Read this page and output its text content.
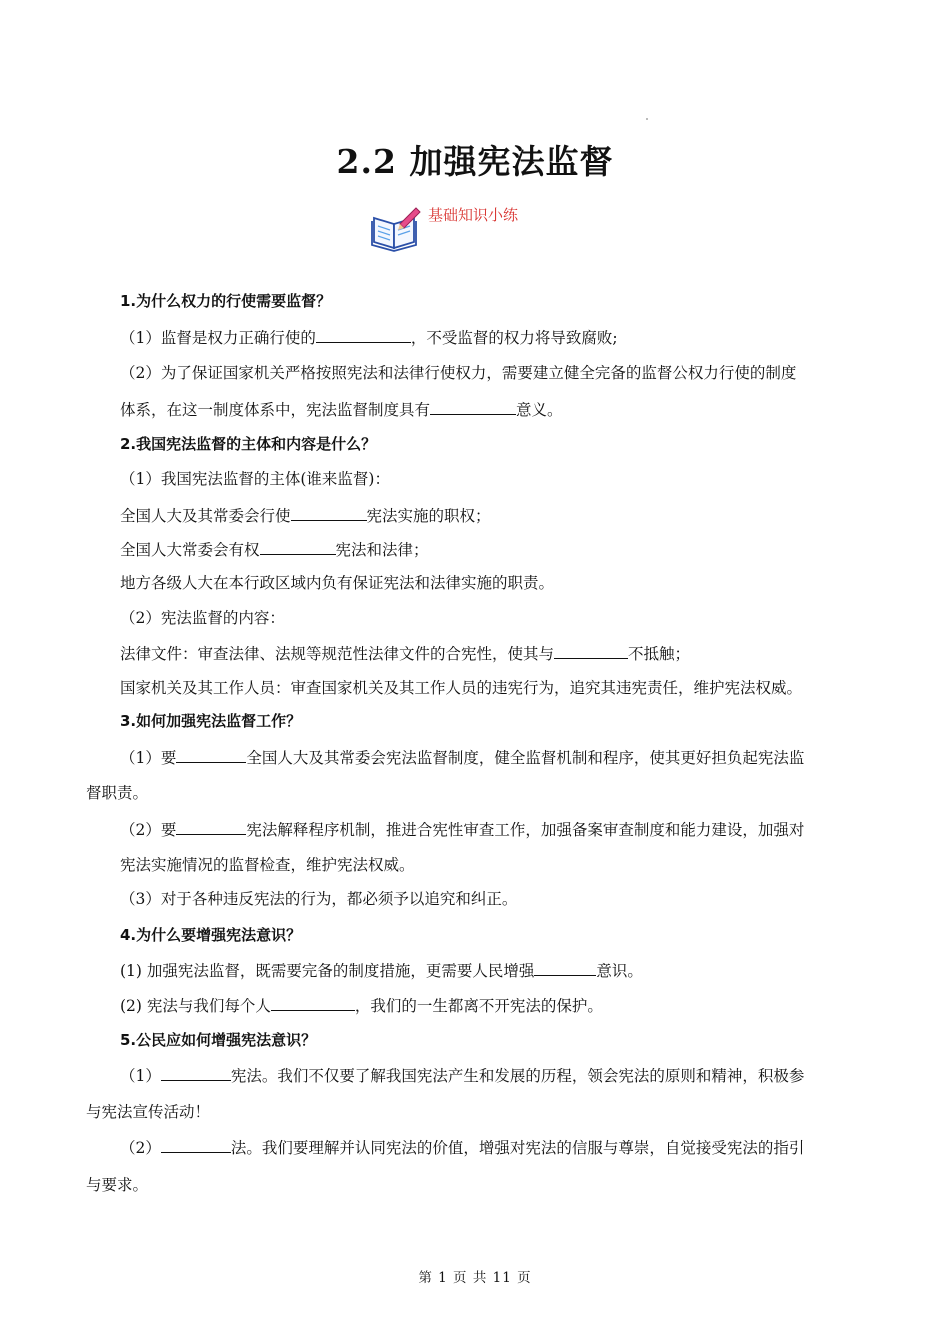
2.2 加强宪法监督
基础知识小练
1.为什么权力的行使需要监督？
（1）监督是权力正确行使的	，不受监督的权力将导致腐败;
（2）为了保证国家机关严格按照宪法和法律行使权力，需要建立健全完备的监督公权力行使的制度
体系，在这一制度体系中，宪法监督制度具有	意义。
2.我国宪法监督的主体和内容是什么？
（1）我国宪法监督的主体(谁来监督)：
全国人大及其常委会行使	宪法实施的职权；
全国人大常委会有权	宪法和法律；
地方各级人大在本行政区域内负有保证宪法和法律实施的职责。
（2）宪法监督的内容：
法律文件：审查法律、法规等规范性法律文件的合宪性，使其与	不抵触；
国家机关及其工作人员：审查国家机关及其工作人员的违宪行为，追究其违宪责任，维护宪法权威。
3.如何加强宪法监督工作？
（1）要	全国人大及其常委会宪法监督制度，健全监督机制和程序，使其更好担负起宪法监
督职责。
（2）要	宪法解释程序机制，推进合宪性审查工作，加强备案审查制度和能力建设，加强对
宪法实施情况的监督检查，维护宪法权威。
（3）对于各种违反宪法的行为，都必须予以追究和纠正。
4.为什么要增强宪法意识？
(1) 加强宪法监督，既需要完备的制度措施，更需要人民增强	意识。
(2) 宪法与我们每个人	，我们的一生都离不开宪法的保护。
5.公民应如何增强宪法意识？
（1）	宪法。我们不仅要了解我国宪法产生和发展的历程，领会宪法的原则和精神，积极参
与宪法宣传活动！
（2）	法。我们要理解并认同宪法的价值，增强对宪法的信服与尊崇，自觉接受宪法的指引
与要求。
第 1 页 共 11 页
